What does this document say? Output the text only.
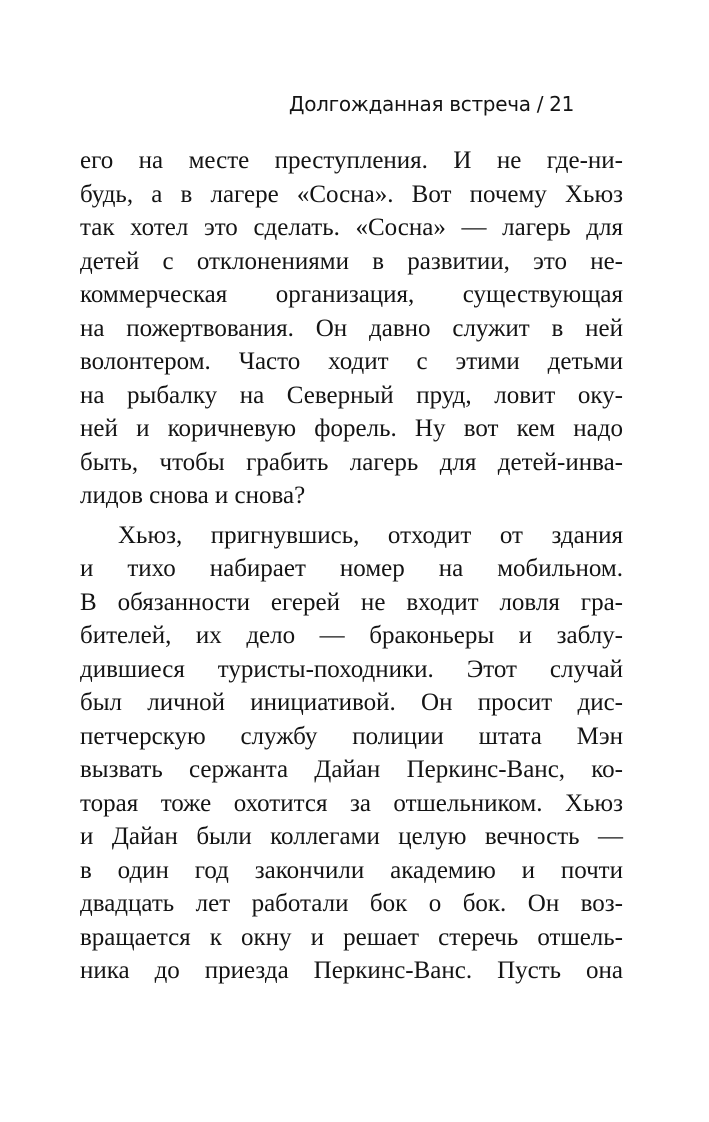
Долгожданная встреча / 21
его на месте преступления. И не где-ни-
будь, а в лагере «Сосна». Вот почему Хьюз
так хотел это сделать. «Сосна» — лагерь для
детей с отклонениями в развитии, это не-
коммерческая организация, существующая
на пожертвования. Он давно служит в ней
волонтером. Часто ходит с этими детьми
на рыбалку на Северный пруд, ловит оку-
ней и коричневую форель. Ну вот кем надо
быть, чтобы грабить лагерь для детей-инва-
лидов снова и снова?
Хьюз, пригнувшись, отходит от здания
и тихо набирает номер на мобильном.
В обязанности егерей не входит ловля гра-
бителей, их дело — браконьеры и заблу-
дившиеся туристы-походники. Этот случай
был личной инициативой. Он просит дис-
петчерскую службу полиции штата Мэн
вызвать сержанта Дайан Перкинс-Ванс, ко-
торая тоже охотится за отшельником. Хьюз
и Дайан были коллегами целую вечность —
в один год закончили академию и почти
двадцать лет работали бок о бок. Он воз-
вращается к окну и решает стеречь отшель-
ника до приезда Перкинс-Ванс. Пусть она
